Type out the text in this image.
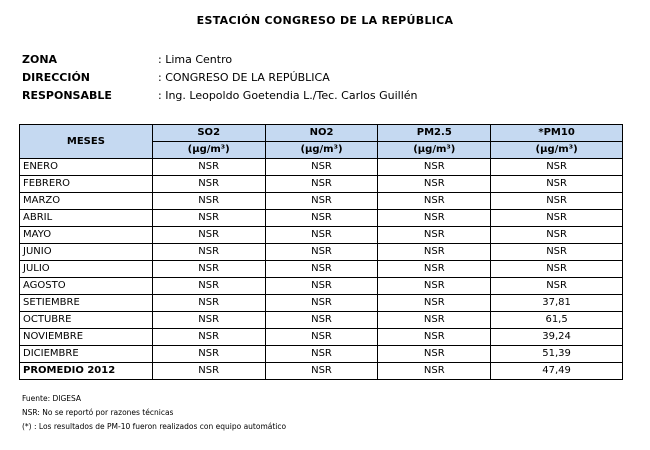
ESTACIÓN CONGRESO DE LA REPÚBLICA
ZONA	: Lima Centro
DIRECCIÓN	: CONGRESO DE LA REPÚBLICA
RESPONSABLE	: Ing. Leopoldo Goetendia L./Tec. Carlos Guillén
MESES	SO2	NO2	PM2.5	*PM10
	(µg/m³)	(µg/m³)	(µg/m³)	(µg/m³)
ENERO	NSR	NSR	NSR	NSR
FEBRERO	NSR	NSR	NSR	NSR
MARZO	NSR	NSR	NSR	NSR
ABRIL	NSR	NSR	NSR	NSR
MAYO	NSR	NSR	NSR	NSR
JUNIO	NSR	NSR	NSR	NSR
JULIO	NSR	NSR	NSR	NSR
AGOSTO	NSR	NSR	NSR	NSR
SETIEMBRE	NSR	NSR	NSR	37,81
OCTUBRE	NSR	NSR	NSR	61,5
NOVIEMBRE	NSR	NSR	NSR	39,24
DICIEMBRE	NSR	NSR	NSR	51,39
PROMEDIO 2012	NSR	NSR	NSR	47,49
Fuente: DIGESA
NSR: No se reportó por razones técnicas
(*) : Los resultados de PM-10 fueron realizados con equipo automático
